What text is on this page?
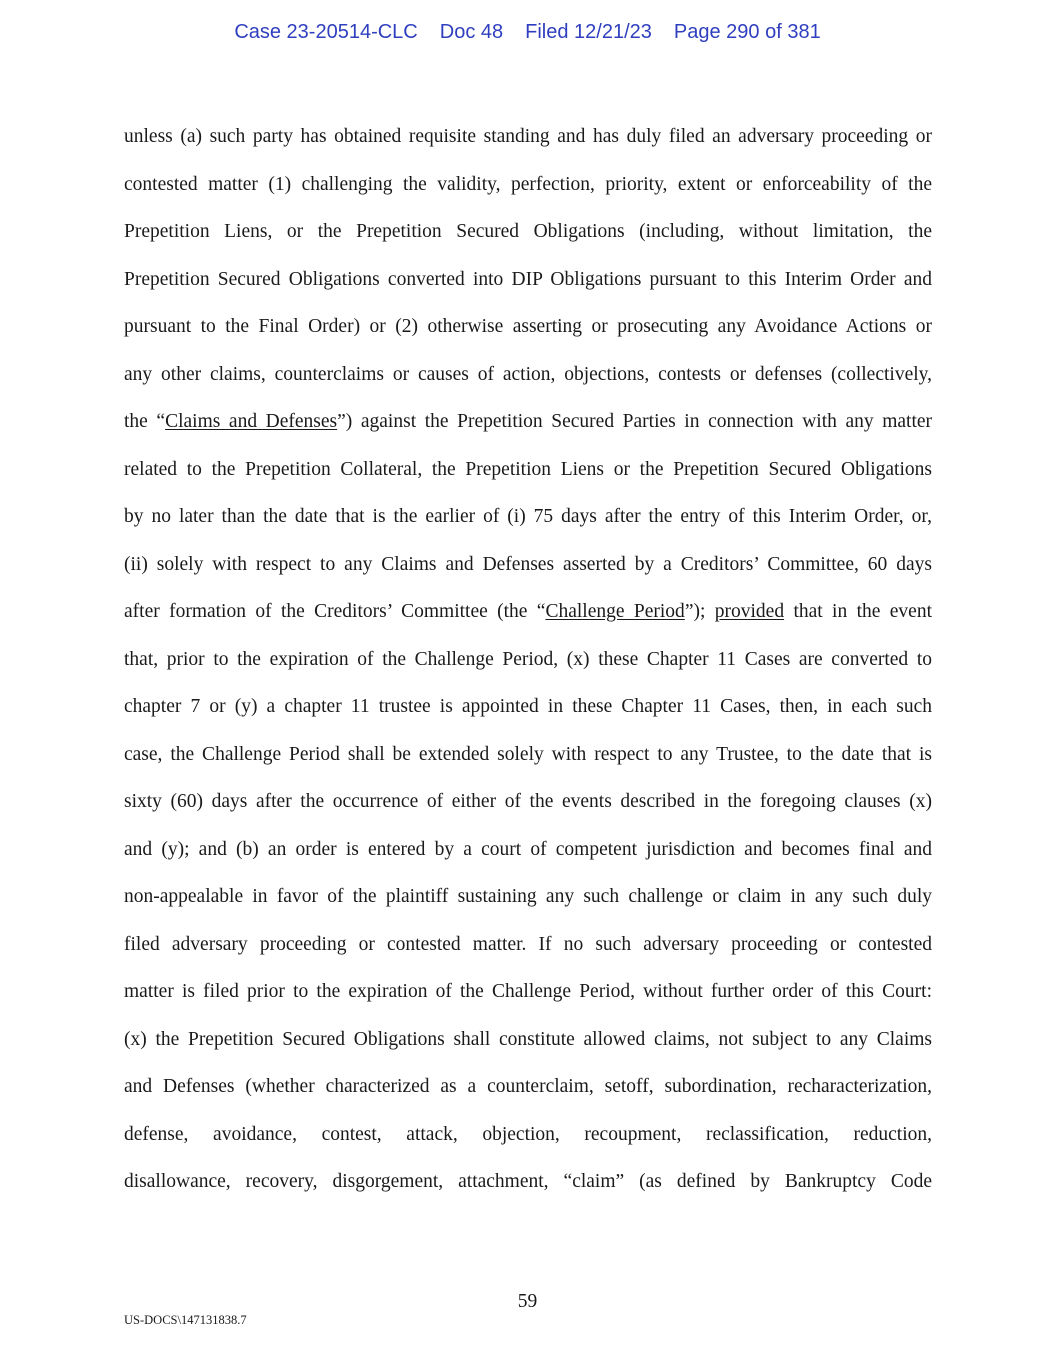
Case 23-20514-CLC Doc 48 Filed 12/21/23 Page 290 of 381
unless (a) such party has obtained requisite standing and has duly filed an adversary proceeding or
contested matter (1) challenging the validity, perfection, priority, extent or enforceability of the
Prepetition Liens, or the Prepetition Secured Obligations (including, without limitation, the
Prepetition Secured Obligations converted into DIP Obligations pursuant to this Interim Order and
pursuant to the Final Order) or (2) otherwise asserting or prosecuting any Avoidance Actions or
any other claims, counterclaims or causes of action, objections, contests or defenses (collectively,
the “Claims and Defenses”) against the Prepetition Secured Parties in connection with any matter
related to the Prepetition Collateral, the Prepetition Liens or the Prepetition Secured Obligations
by no later than the date that is the earlier of (i) 75 days after the entry of this Interim Order, or,
(ii) solely with respect to any Claims and Defenses asserted by a Creditors’ Committee, 60 days
after formation of the Creditors’ Committee (the “Challenge Period”); provided that in the event
that, prior to the expiration of the Challenge Period, (x) these Chapter 11 Cases are converted to
chapter 7 or (y) a chapter 11 trustee is appointed in these Chapter 11 Cases, then, in each such
case, the Challenge Period shall be extended solely with respect to any Trustee, to the date that is
sixty (60) days after the occurrence of either of the events described in the foregoing clauses (x)
and (y); and (b) an order is entered by a court of competent jurisdiction and becomes final and
non-appealable in favor of the plaintiff sustaining any such challenge or claim in any such duly
filed adversary proceeding or contested matter. If no such adversary proceeding or contested
matter is filed prior to the expiration of the Challenge Period, without further order of this Court:
(x) the Prepetition Secured Obligations shall constitute allowed claims, not subject to any Claims
and Defenses (whether characterized as a counterclaim, setoff, subordination, recharacterization,
defense, avoidance, contest, attack, objection, recoupment, reclassification, reduction,
disallowance, recovery, disgorgement, attachment, “claim” (as defined by Bankruptcy Code
59
US-DOCS\147131838.7
